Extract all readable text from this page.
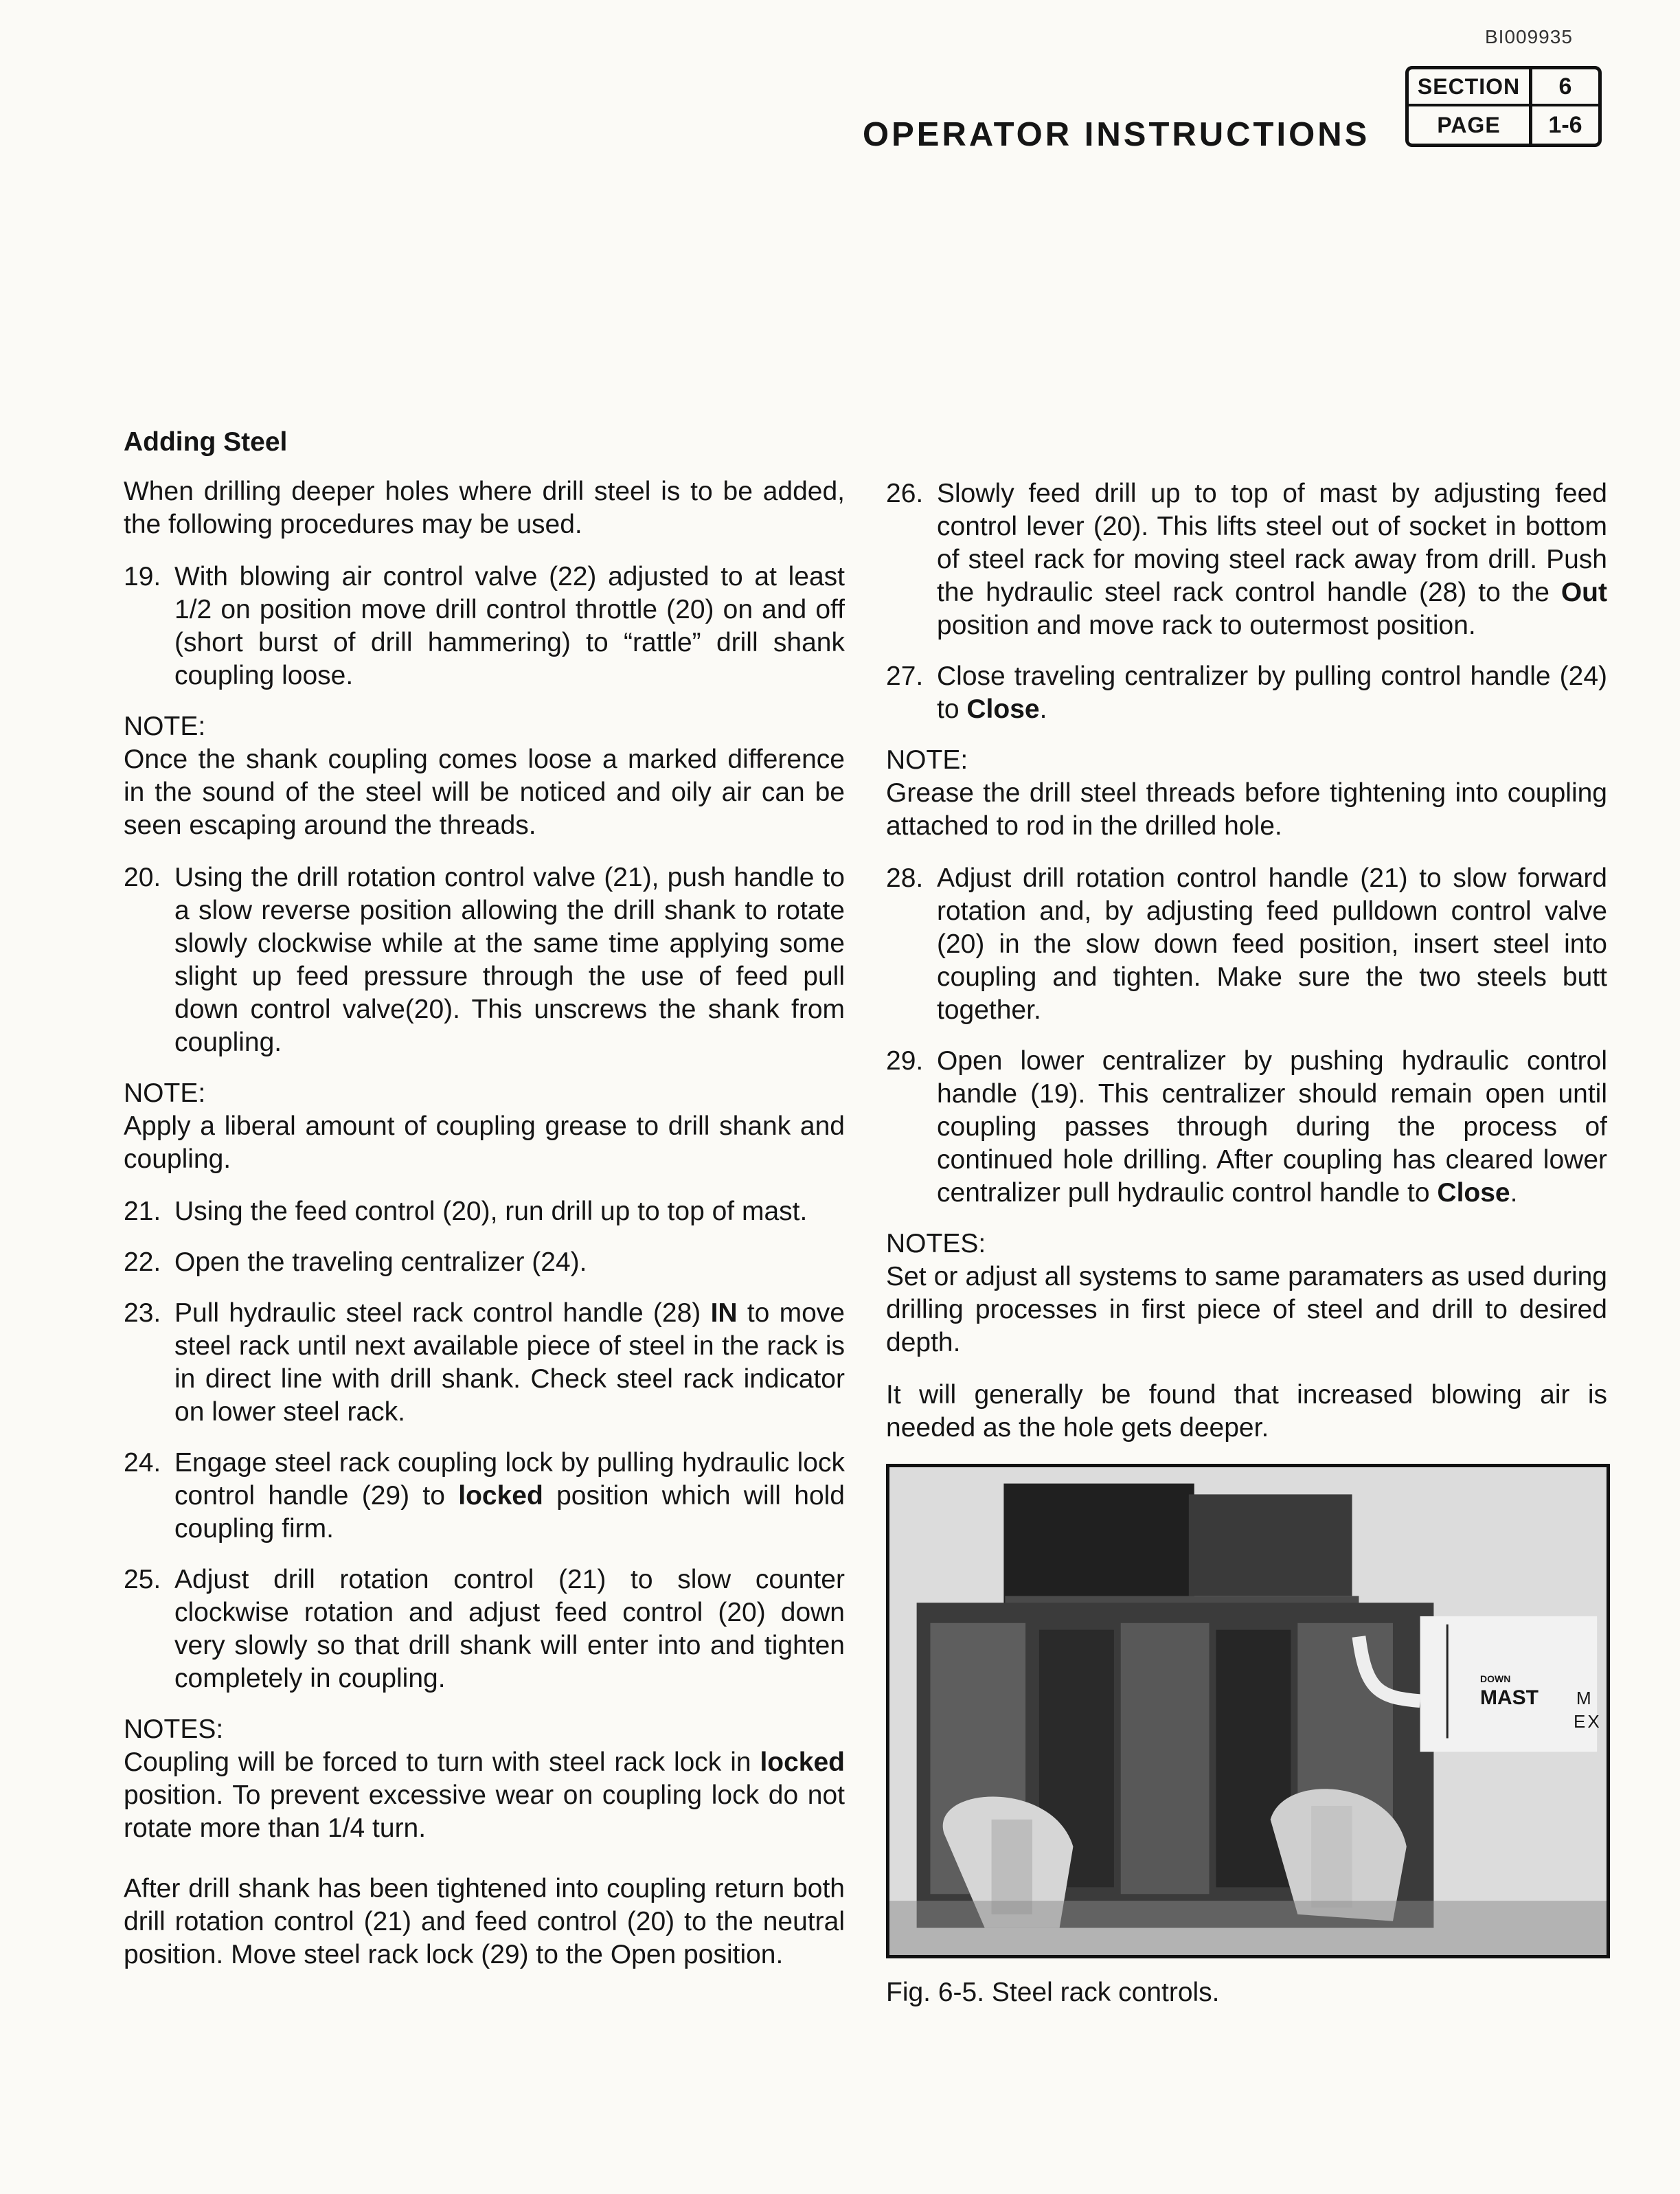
BI009935
OPERATOR INSTRUCTIONS
SECTION	6
PAGE	1-6
Adding Steel

When drilling deeper holes where drill steel is to be added, the following procedures may be used.

19. With blowing air control valve (22) adjusted to at least 1/2 on position move drill control throttle (20) on and off (short burst of drill hammering) to “rattle” drill shank coupling loose.
NOTE:
Once the shank coupling comes loose a marked difference in the sound of the steel will be noticed and oily air can be seen escaping around the threads.
20. Using the drill rotation control valve (21), push handle to a slow reverse position allowing the drill shank to rotate slowly clockwise while at the same time applying some slight up feed pressure through the use of feed pull down control valve(20). This unscrews the shank from coupling.
NOTE:
Apply a liberal amount of coupling grease to drill shank and coupling.
21. Using the feed control (20), run drill up to top of mast.
22. Open the traveling centralizer (24).
23. Pull hydraulic steel rack control handle (28) IN to move steel rack until next available piece of steel in the rack is in direct line with drill shank. Check steel rack indicator on lower steel rack.
24. Engage steel rack coupling lock by pulling hydraulic lock control handle (29) to locked position which will hold coupling firm.
25. Adjust drill rotation control (21) to slow counter clockwise rotation and adjust feed control (20) down very slowly so that drill shank will enter into and tighten completely in coupling.
NOTES:
Coupling will be forced to turn with steel rack lock in locked position. To prevent excessive wear on coupling lock do not rotate more than 1/4 turn.

After drill shank has been tightened into coupling return both drill rotation control (21) and feed control (20) to the neutral position. Move steel rack lock (29) to the Open position.

26. Slowly feed drill up to top of mast by adjusting feed control lever (20). This lifts steel out of socket in bottom of steel rack for moving steel rack away from drill. Push the hydraulic steel rack control handle (28) to the Out position and move rack to outermost position.
27. Close traveling centralizer by pulling control handle (24) to Close.
NOTE:
Grease the drill steel threads before tightening into coupling attached to rod in the drilled hole.
28. Adjust drill rotation control handle (21) to slow forward rotation and, by adjusting feed pulldown control valve (20) in the slow down feed position, insert steel into coupling and tighten. Make sure the two steels butt together.
29. Open lower centralizer by pushing hydraulic control handle (19). This centralizer should remain open until coupling passes through during the process of continued hole drilling. After coupling has cleared lower centralizer pull hydraulic control handle to Close.
NOTES:
Set or adjust all systems to same paramaters as used during drilling processes in first piece of steel and drill to desired depth.

It will generally be found that increased blowing air is needed as the hole gets deeper.

DOWN
MAST M
EX
Fig. 6-5. Steel rack controls.
